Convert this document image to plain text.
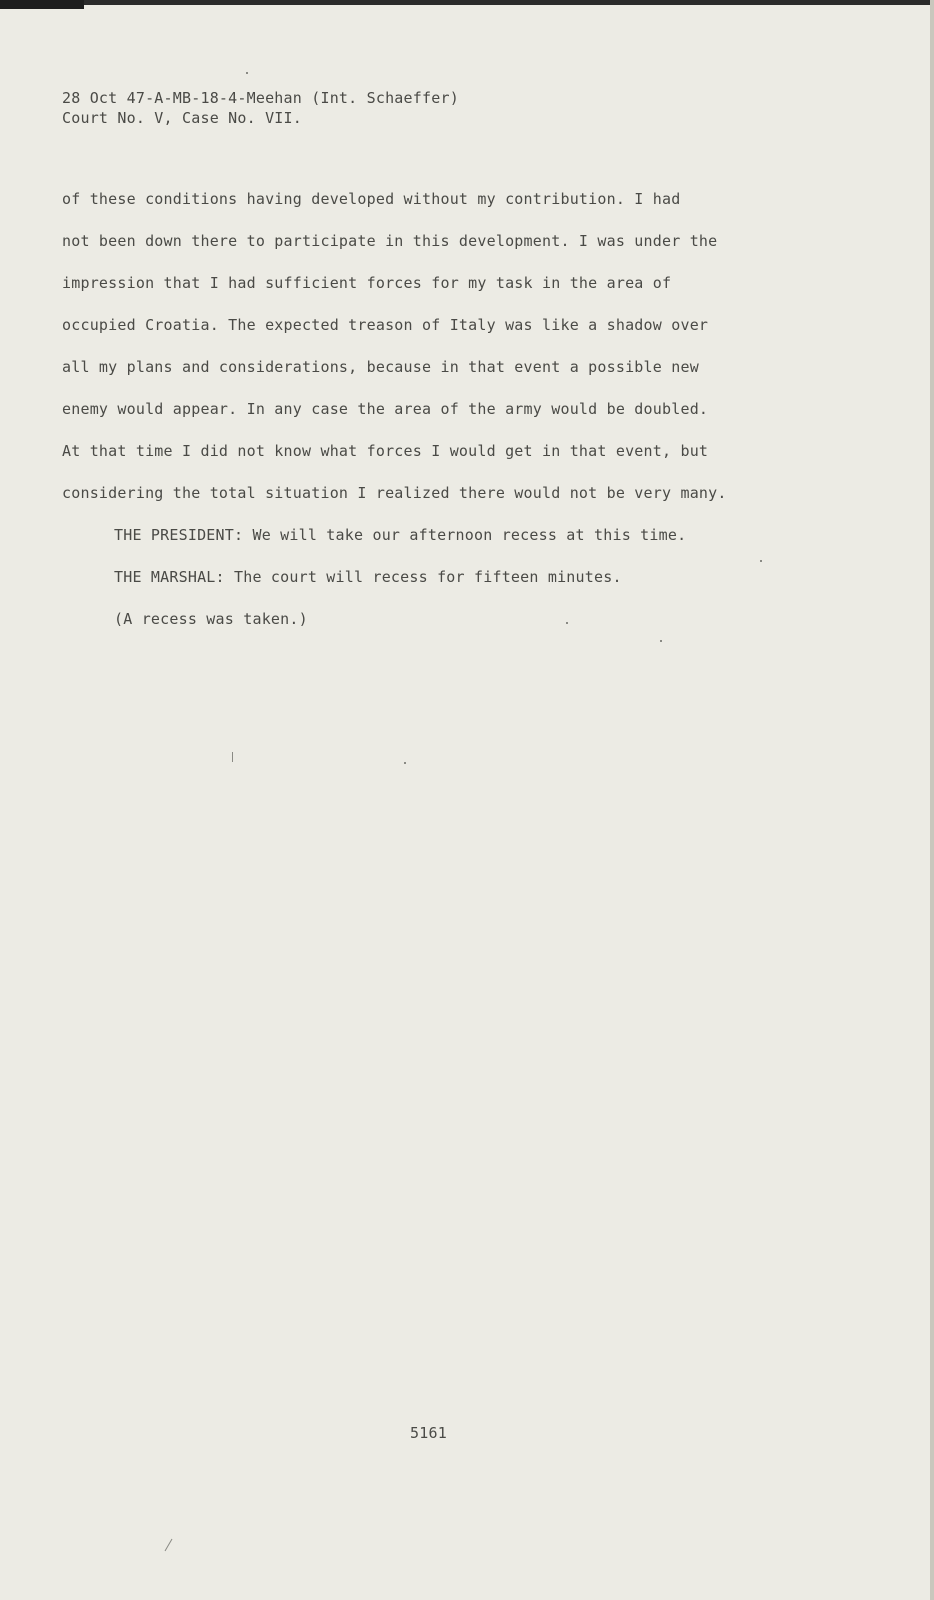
28 Oct 47-A-MB-18-4-Meehan (Int. Schaeffer)
Court No. V, Case No. VII.
of these conditions having developed without my contribution. I had
not been down there to participate in this development. I was under the
impression that I had sufficient forces for my task in the area of
occupied Croatia. The expected treason of Italy was like a shadow over
all my plans and considerations, because in that event a possible new
enemy would appear. In any case the area of the army would be doubled.
At that time I did not know what forces I would get in that event, but
considering the total situation I realized there would not be very many.
THE PRESIDENT: We will take our afternoon recess at this time.
THE MARSHAL: The court will recess for fifteen minutes.
(A recess was taken.)
5161
